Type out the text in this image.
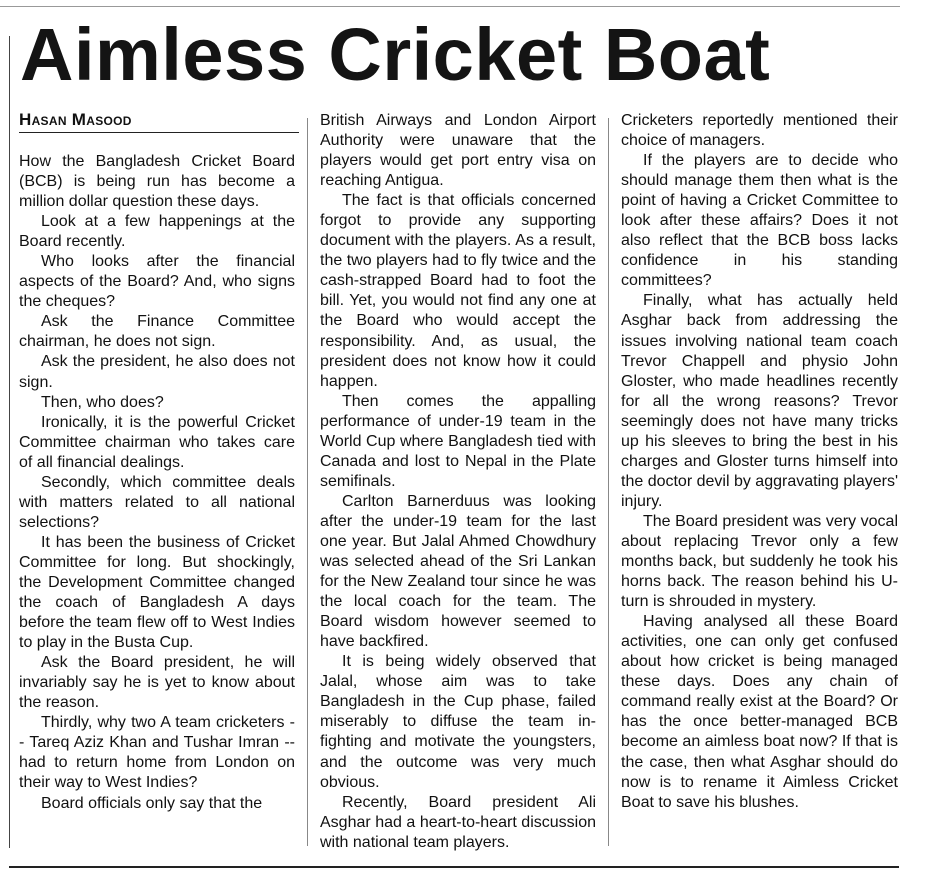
Aimless Cricket Boat
Hasan Masood

How the Bangladesh Cricket Board (BCB) is being run has become a million dollar question these days.

Look at a few happenings at the Board recently.

Who looks after the financial aspects of the Board? And, who signs the cheques?

Ask the Finance Committee chairman, he does not sign.

Ask the president, he also does not sign.

Then, who does?

Ironically, it is the powerful Cricket Committee chairman who takes care of all financial dealings.

Secondly, which committee deals with matters related to all national selections?

It has been the business of Cricket Committee for long. But shockingly, the Development Committee changed the coach of Bangladesh A days before the team flew off to West Indies to play in the Busta Cup.

Ask the Board president, he will invariably say he is yet to know about the reason.

Thirdly, why two A team cricketers -- Tareq Aziz Khan and Tushar Imran -- had to return home from London on their way to West Indies?

Board officials only say that the

British Airways and London Airport Authority were unaware that the players would get port entry visa on reaching Antigua.

The fact is that officials concerned forgot to provide any supporting document with the players. As a result, the two players had to fly twice and the cash-strapped Board had to foot the bill. Yet, you would not find any one at the Board who would accept the responsibility. And, as usual, the president does not know how it could happen.

Then comes the appalling performance of under-19 team in the World Cup where Bangladesh tied with Canada and lost to Nepal in the Plate semifinals.

Carlton Barnerduus was looking after the under-19 team for the last one year. But Jalal Ahmed Chowdhury was selected ahead of the Sri Lankan for the New Zealand tour since he was the local coach for the team. The Board wisdom however seemed to have backfired.

It is being widely observed that Jalal, whose aim was to take Bangladesh in the Cup phase, failed miserably to diffuse the team in-fighting and motivate the youngsters, and the outcome was very much obvious.

Recently, Board president Ali Asghar had a heart-to-heart discussion with national team players.

Cricketers reportedly mentioned their choice of managers.

If the players are to decide who should manage them then what is the point of having a Cricket Committee to look after these affairs? Does it not also reflect that the BCB boss lacks confidence in his standing committees?

Finally, what has actually held Asghar back from addressing the issues involving national team coach Trevor Chappell and physio John Gloster, who made headlines recently for all the wrong reasons? Trevor seemingly does not have many tricks up his sleeves to bring the best in his charges and Gloster turns himself into the doctor devil by aggravating players' injury.

The Board president was very vocal about replacing Trevor only a few months back, but suddenly he took his horns back. The reason behind his U-turn is shrouded in mystery.

Having analysed all these Board activities, one can only get confused about how cricket is being managed these days. Does any chain of command really exist at the Board? Or has the once better-managed BCB become an aimless boat now? If that is the case, then what Asghar should do now is to rename it Aimless Cricket Boat to save his blushes.
